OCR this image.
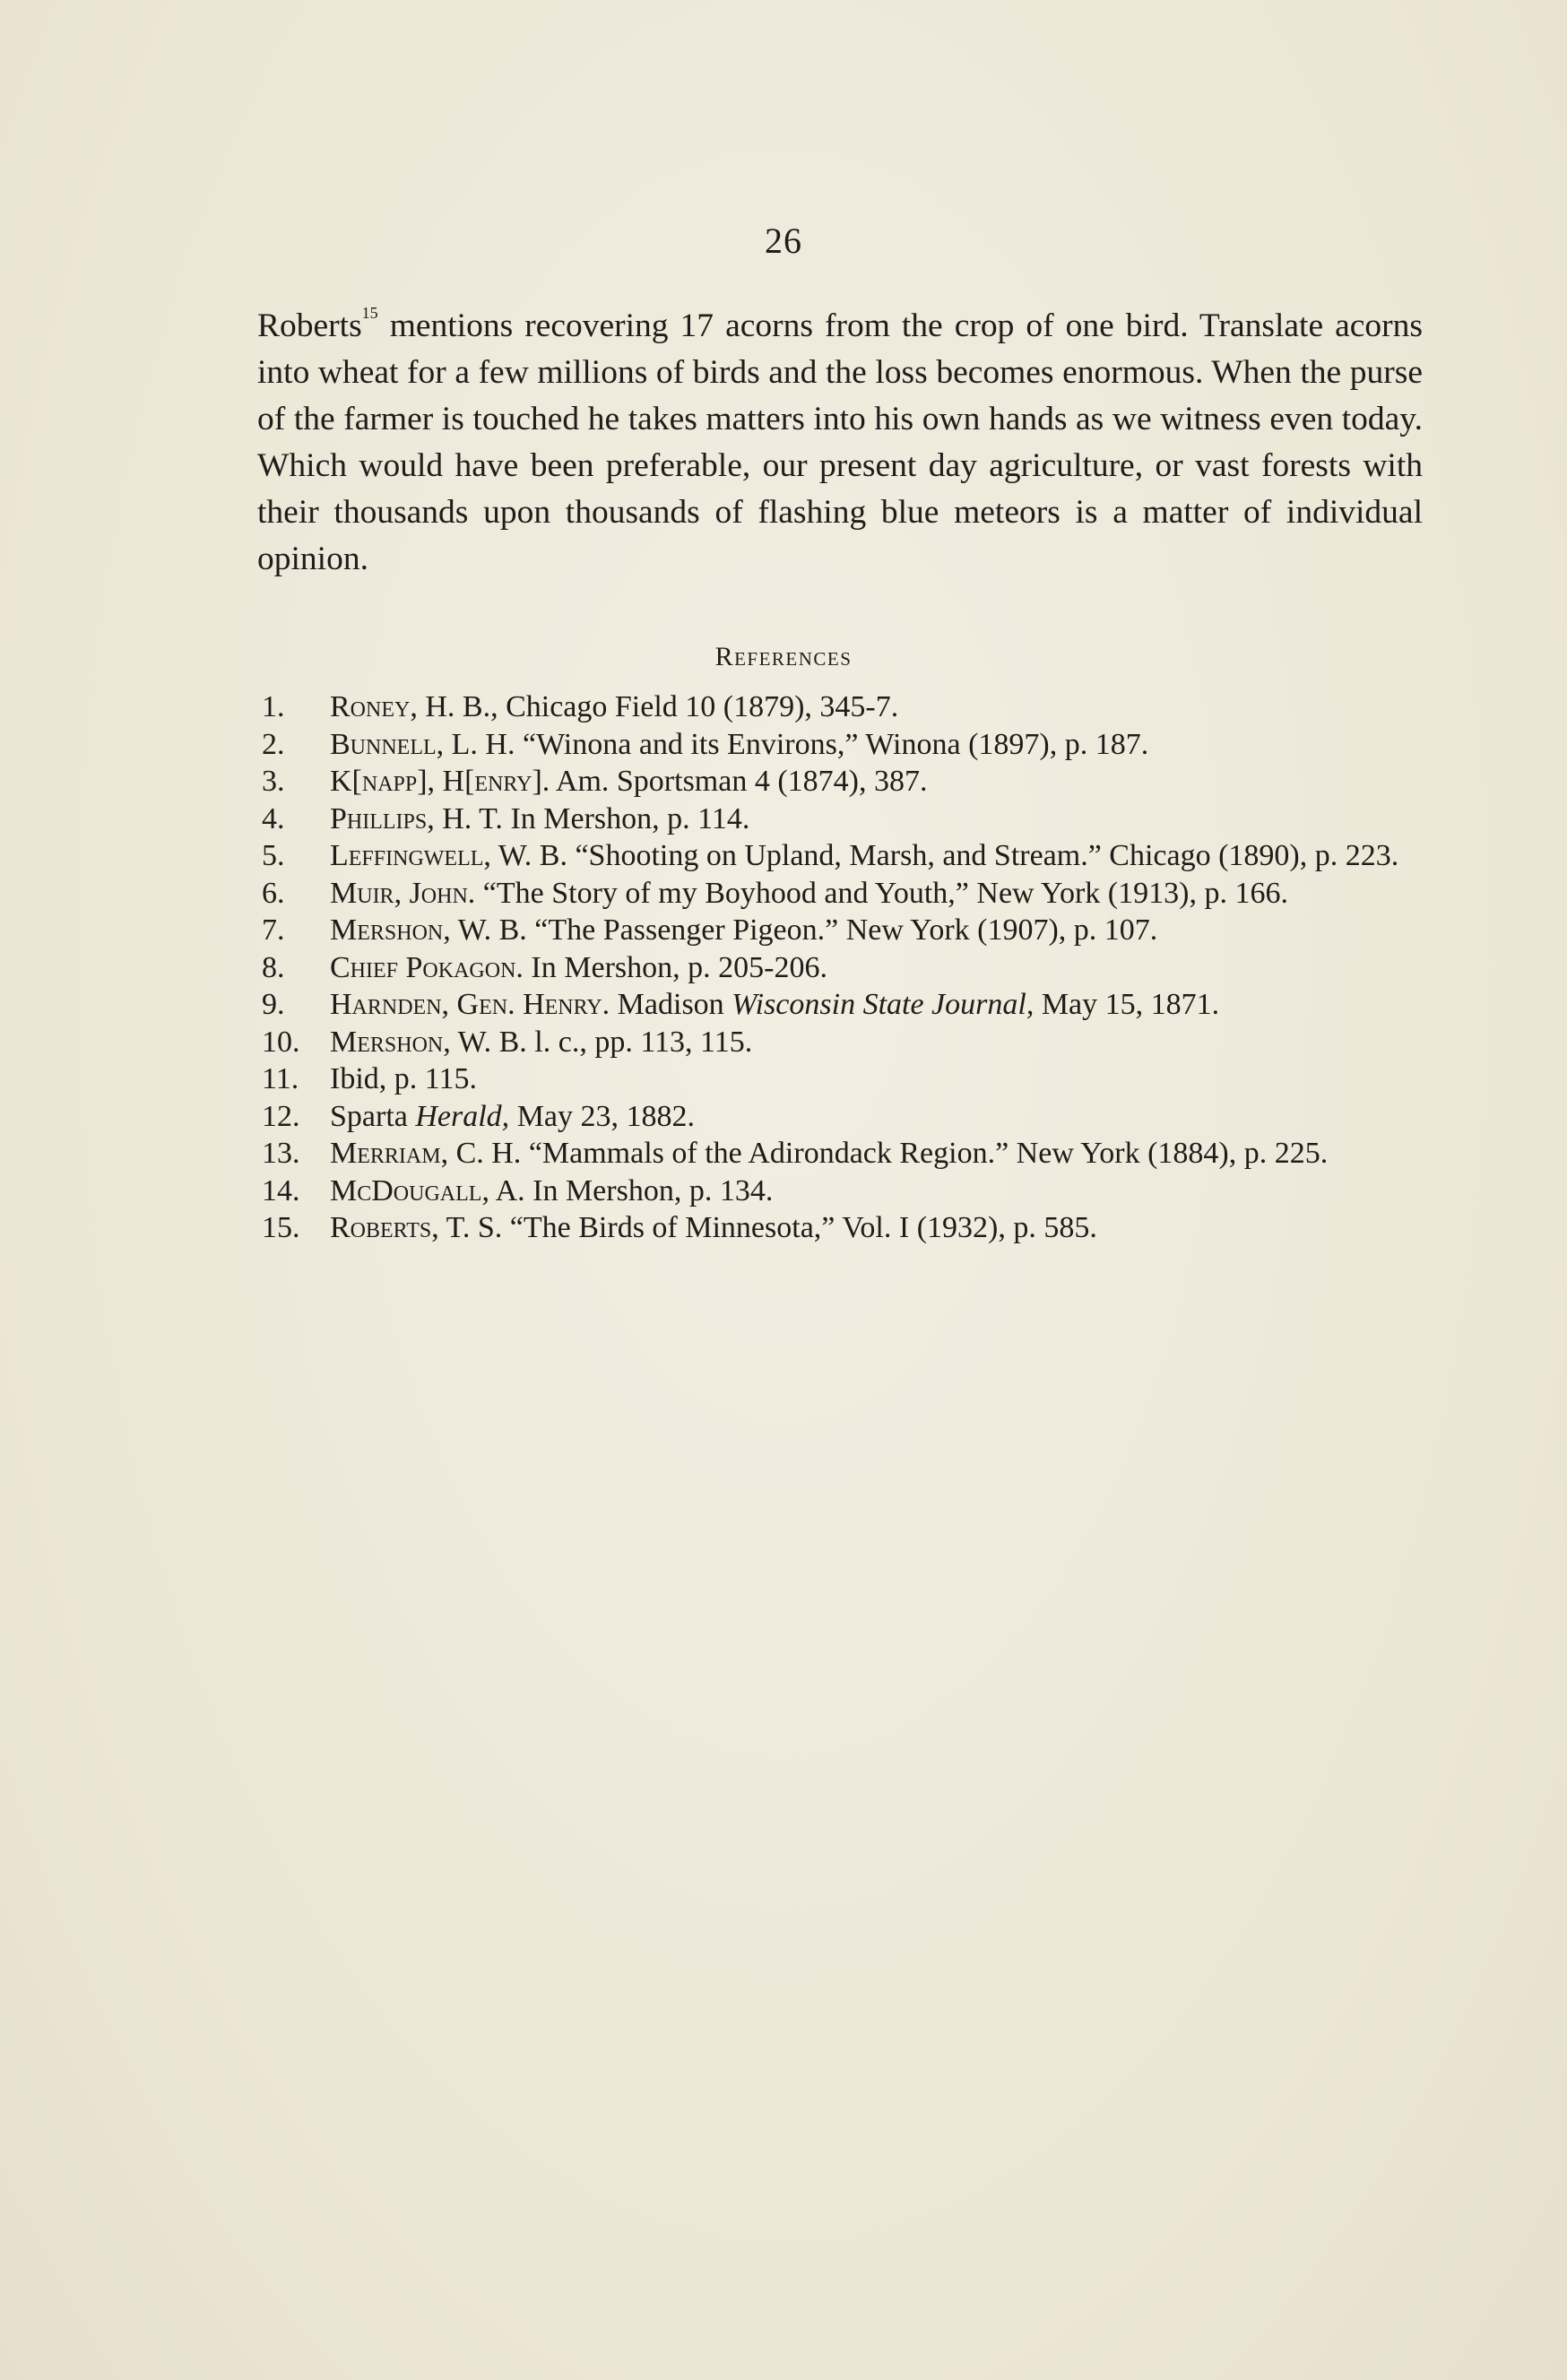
26

Roberts$^{15}$ mentions recovering 17 acorns from the crop of one bird. Translate acorns into wheat for a few millions of birds and the loss becomes enormous. When the purse of the farmer is touched he takes matters into his own hands as we witness even today. Which would have been preferable, our present day agriculture, or vast forests with their thousands upon thousands of flashing blue meteors is a matter of individual opinion.

References
1.	Roney, H. B., Chicago Field 10 (1879), 345-7.
2.	Bunnell, L. H. “Winona and its Environs,” Winona (1897), p. 187.
3.	K[napp], H[enry]. Am. Sportsman 4 (1874), 387.
4.	Phillips, H. T. In Mershon, p. 114.
5.	Leffingwell, W. B. “Shooting on Upland, Marsh, and Stream.” Chicago (1890), p. 223.
6.	Muir, John. “The Story of my Boyhood and Youth,” New York (1913), p. 166.
7.	Mershon, W. B. “The Passenger Pigeon.” New York (1907), p. 107.
8.	Chief Pokagon. In Mershon, p. 205-206.
9.	Harnden, Gen. Henry. Madison Wisconsin State Journal, May 15, 1871.
10. Mershon, W. B. l. c., pp. 113, 115.
11. Ibid, p. 115.
12. Sparta Herald, May 23, 1882.
13. Merriam, C. H. “Mammals of the Adirondack Region.” New York (1884), p. 225.
14. McDougall, A. In Mershon, p. 134.
15. Roberts, T. S. “The Birds of Minnesota,” Vol. I (1932), p. 585.
